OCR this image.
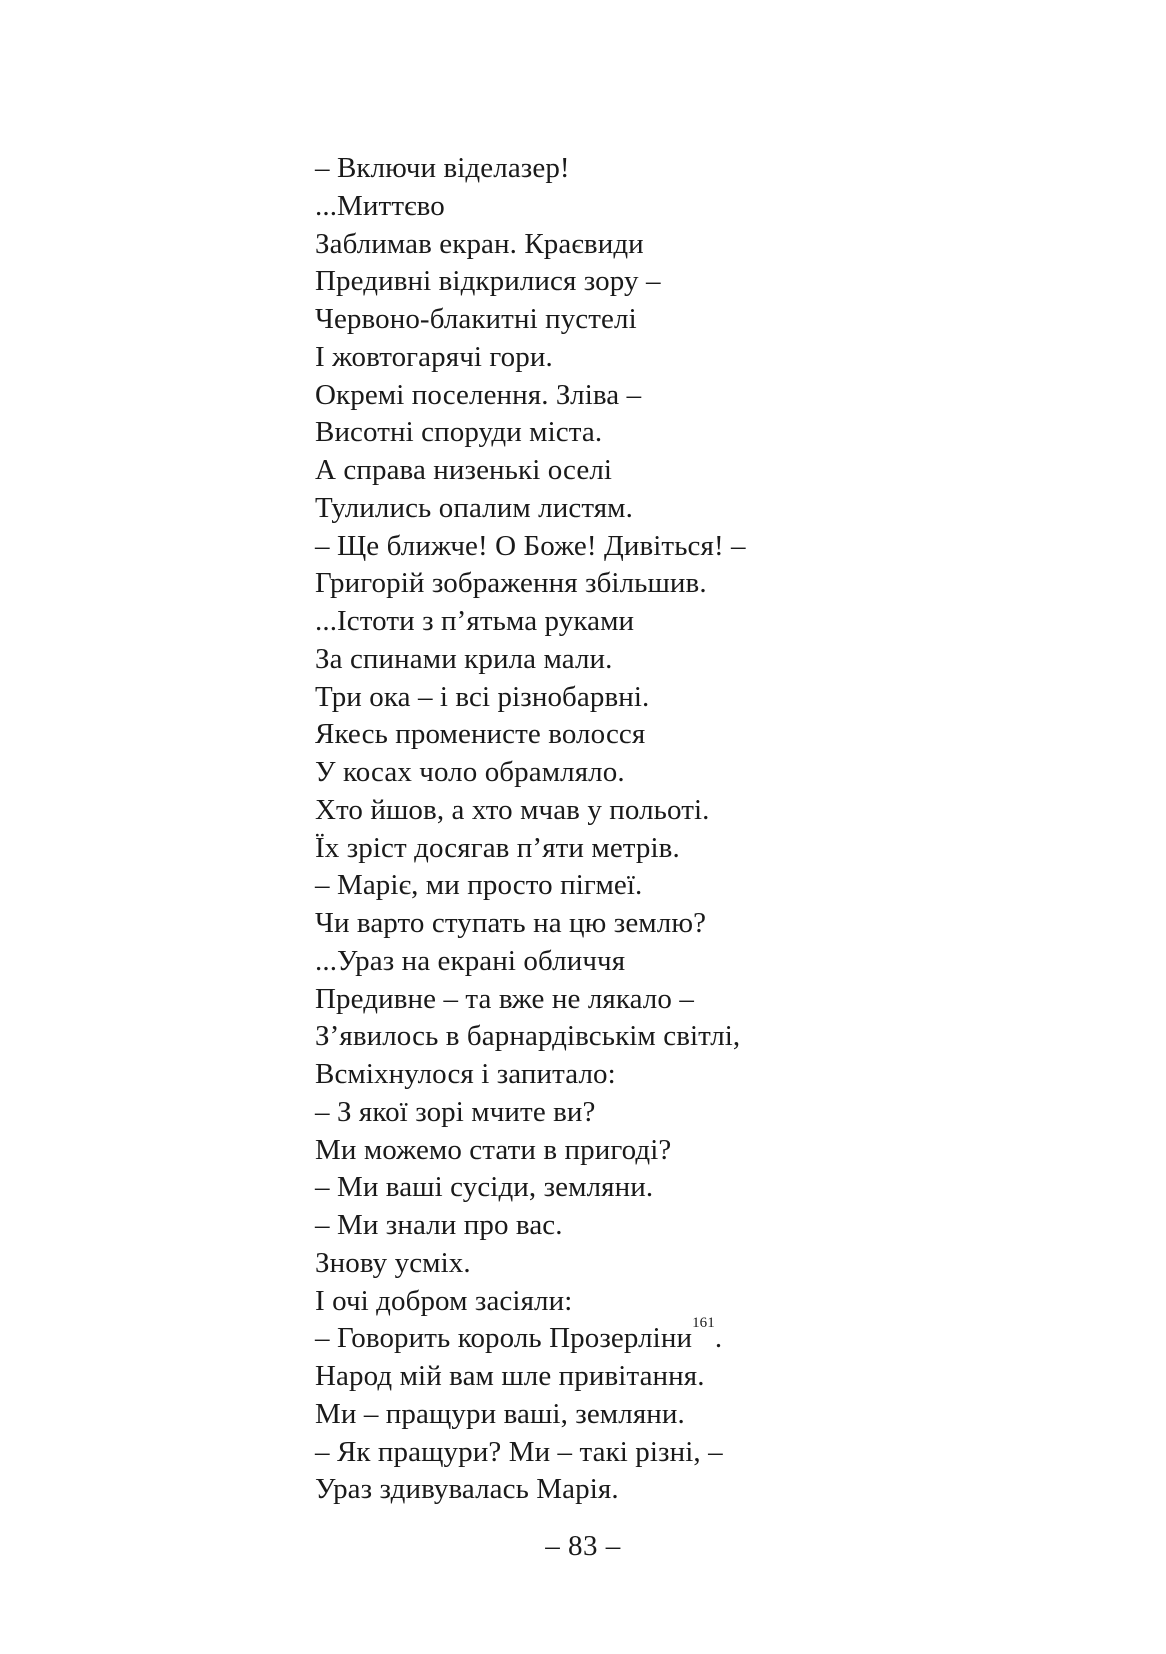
– Включи віделазер!
...Миттєво
Заблимав екран. Краєвиди
Предивні відкрилися зору –
Червоно-блакитні пустелі
І жовтогарячі гори.
Окремі поселення. Зліва –
Висотні споруди міста.
А справа низенькі оселі
Тулились опалим листям.
– Ще ближче! О Боже! Дивіться! –
Григорій зображення збільшив.
...Істоти з п’ятьма руками
За спинами крила мали.
Три ока – і всі різнобарвні.
Якесь променисте волосся
У косах чоло обрамляло.
Хто йшов, а хто мчав у польоті.
Їх зріст досягав п’яти метрів.
– Маріє, ми просто пігмеї.
Чи варто ступать на цю землю?
...Ураз на екрані обличчя
Предивне – та вже не лякало –
З’явилось в барнардівськім світлі,
Всміхнулося і запитало:
– З якої зорі мчите ви?
Ми можемо стати в пригоді?
– Ми ваші сусіди, земляни.
– Ми знали про вас.
Знову усміх.
І очі добром засіяли:
– Говорить король Прозерліни$^{161}$.
Народ мій вам шле привітання.
Ми – пращури ваші, земляни.
– Як пращури? Ми – такі різні, –
Ураз здивувалась Марія.
– 83 –
